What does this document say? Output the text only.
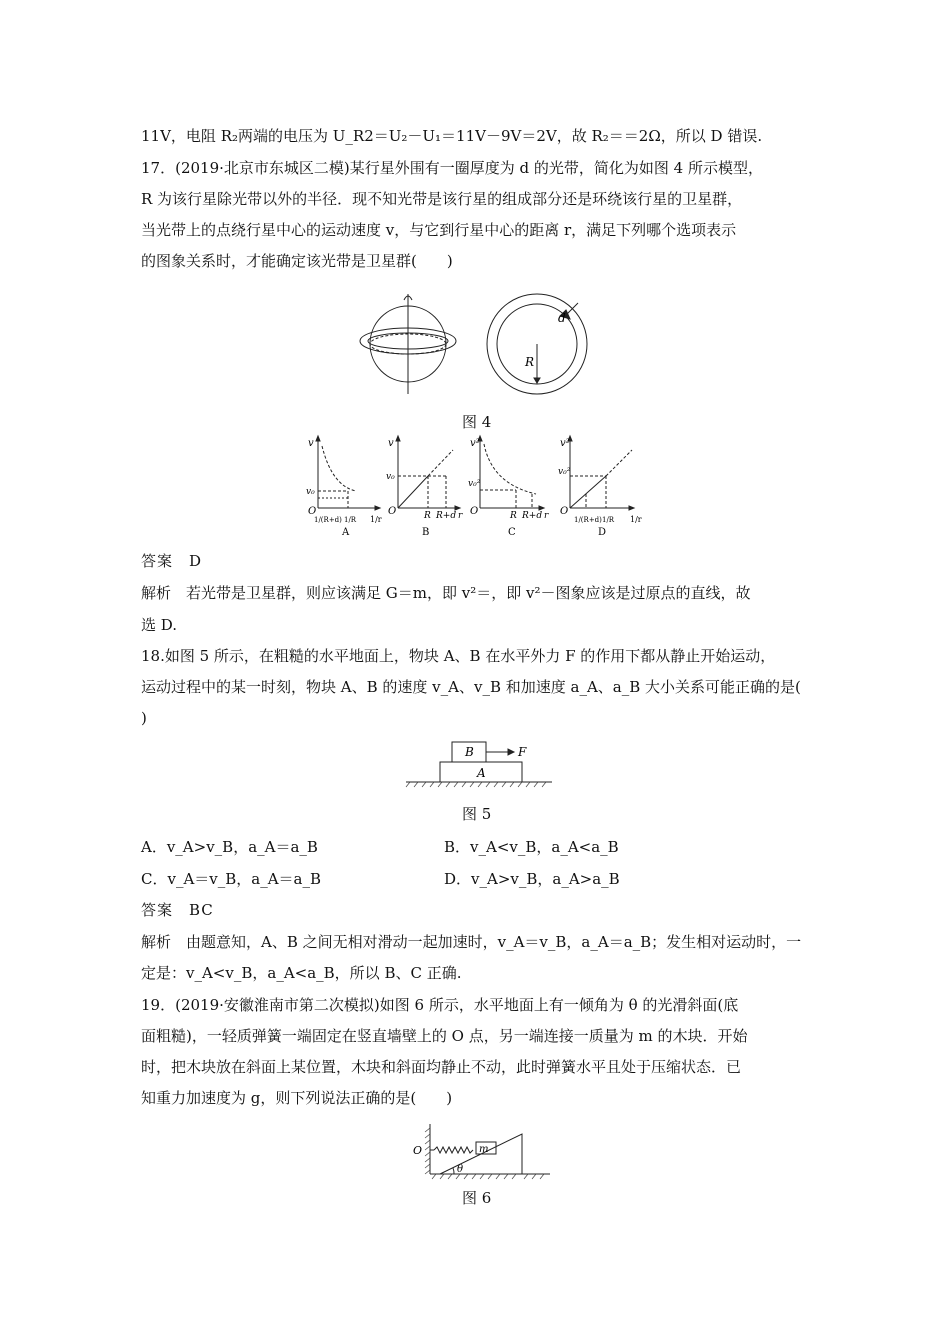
11V，电阻 R₂两端的电压为 U_R2＝U₂－U₁＝11V－9V＝2V，故 R₂＝＝2Ω，所以 D 错误.
17．(2019·北京市东城区二模)某行星外围有一圈厚度为 d 的光带，简化为如图 4 所示模型，
R 为该行星除光带以外的半径．现不知光带是该行星的组成部分还是环绕该行星的卫星群，
当光带上的点绕行星中心的运动速度 v，与它到行星中心的距离 r，满足下列哪个选项表示
的图象关系时，才能确定该光带是卫星群(　　)
d
R
图 4
v
v₀
O
1/(R+d) 1/R 1/r
A
v
v₀
O	R R+d r
B
v²
v₀²
O	R R+d r
C
v²
v₀²
O
1/(R+d) 1/R 1/r
D
答案　D
解析　若光带是卫星群，则应该满足 G＝m，即 v²＝，即 v²－图象应该是过原点的直线，故
选 D.
18.如图 5 所示，在粗糙的水平地面上，物块 A、B 在水平外力 F 的作用下都从静止开始运动，
运动过程中的某一时刻，物块 A、B 的速度 v_A、v_B 和加速度 a_A、a_B 大小关系可能正确的是(
)
B
A
F
图 5
A．v_A>v_B，a_A＝a_B	B．v_A<v_B，a_A<a_B
C．v_A＝v_B，a_A＝a_B	D．v_A>v_B，a_A>a_B
答案　BC
解析　由题意知，A、B 之间无相对滑动一起加速时，v_A＝v_B，a_A＝a_B；发生相对运动时，一
定是：v_A<v_B，a_A<a_B，所以 B、C 正确.
19．(2019·安徽淮南市第二次模拟)如图 6 所示，水平地面上有一倾角为 θ 的光滑斜面(底
面粗糙)，一轻质弹簧一端固定在竖直墙壁上的 O 点，另一端连接一质量为 m 的木块．开始
时，把木块放在斜面上某位置，木块和斜面均静止不动，此时弹簧水平且处于压缩状态．已
知重力加速度为 g，则下列说法正确的是(　　)
O	m
θ
图 6
